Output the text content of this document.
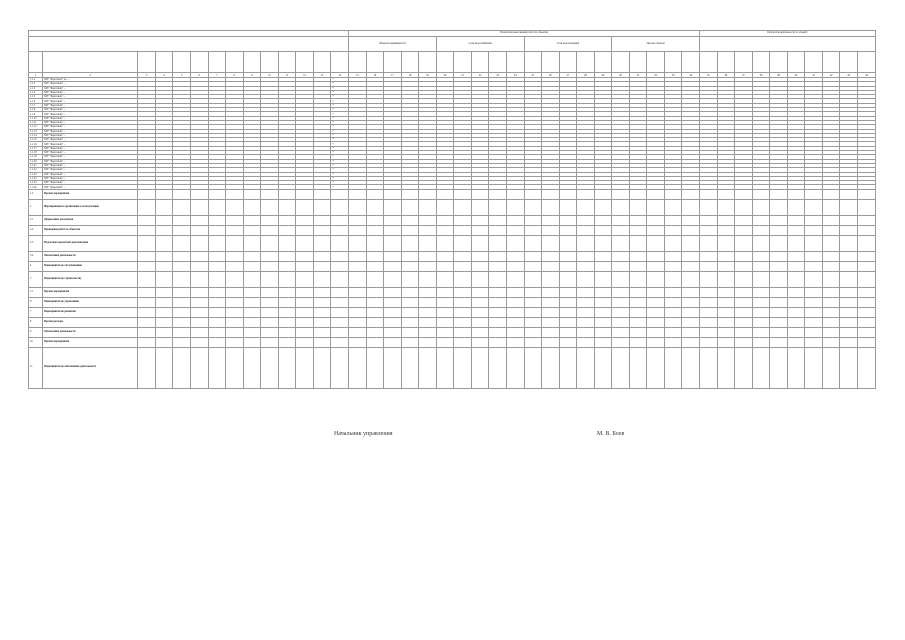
														Показатели выполнения работ по объектам																				Результаты деятельности по объекту									
														Объекты недвижимости					Сети водоснабжения					Сети водоотведения					Прочие объекты														

1	2	3	4	5	6	7	8	9	10	11	12	13	14	15	16	17	18	19	20	21	22	23	24	25	26	27	28	29	30	31	32	33	34	35	36	37	38	39	40	41	42	43	44
1.1.1	ЗОУ "Береговой" ул. ...												*																														
1.1.2	ЗОУ "Береговой" ...												*																														
1.1.3	ЗОУ "Береговой" ...												*																														
1.1.4	ЗОУ "Береговой" ...												*																														
1.1.5	ЗОУ "Береговой" ...												*																														
1.1.6	ЗОУ "Береговой" ...												*																														
1.1.7	ЗОУ "Береговой" ...												*																														
1.1.8	ЗОУ "Береговой" ...												*																														
1.1.9	ЗОУ "Береговой" ...												*																														
1.1.10	ЗОУ "Береговой" ...												*																														
1.1.11	ЗОУ "Береговой" ...												*																														
1.1.12	ЗОУ "Береговой" ...												*																														
1.1.13	ЗОУ "Береговой" ...												*																														
1.1.14	ЗОУ "Береговой" ...												*																														
1.1.15	ЗОУ "Береговой" ...												*																														
1.1.16	ЗОУ "Береговой" ...												*																														
1.1.17	ЗОУ "Береговой" ...												*																														
1.1.18	ЗОУ "Береговой" ...												*																														
1.1.19	ЗОУ "Береговой" ...												*																														
1.1.20	ЗОУ "Береговой" ...												*																														
1.1.21	ЗОУ "Береговой" ...												*																														
1.1.22	ЗОУ "Береговой" ...												*																														
1.1.23	ЗОУ "Береговой" ...												*																														
1.1.24	ЗОУ "Береговой" ...												*																														
1.1.25	ЗОУ "Береговой" ...												*																														
1.1.26	ЗОУ "Береговой" ...												*																														
1.2	Прочие мероприятия																																										
2	Формирование и организация в эксплуатацию																																										
2.1	Оформление документов																																										
2.2	Проведение работ по объектам																																										
2.3	Подготовка проектной документации																																										
3.4	Обеспечение деятельности																																										
4	Мероприятия по обслуживанию																																										
5	Мероприятия по строительству																																										
5.1	Прочие мероприятия																																										
6	Мероприятия по управлению																																										
7	Мероприятия по развитию																																										
8	Прочие расходы																																										
9	Обеспечение деятельности																																										
10	Прочие мероприятия																																										
11	Мероприятия по обеспечению деятельности																																										
Начальник управления	М. В. Боев
